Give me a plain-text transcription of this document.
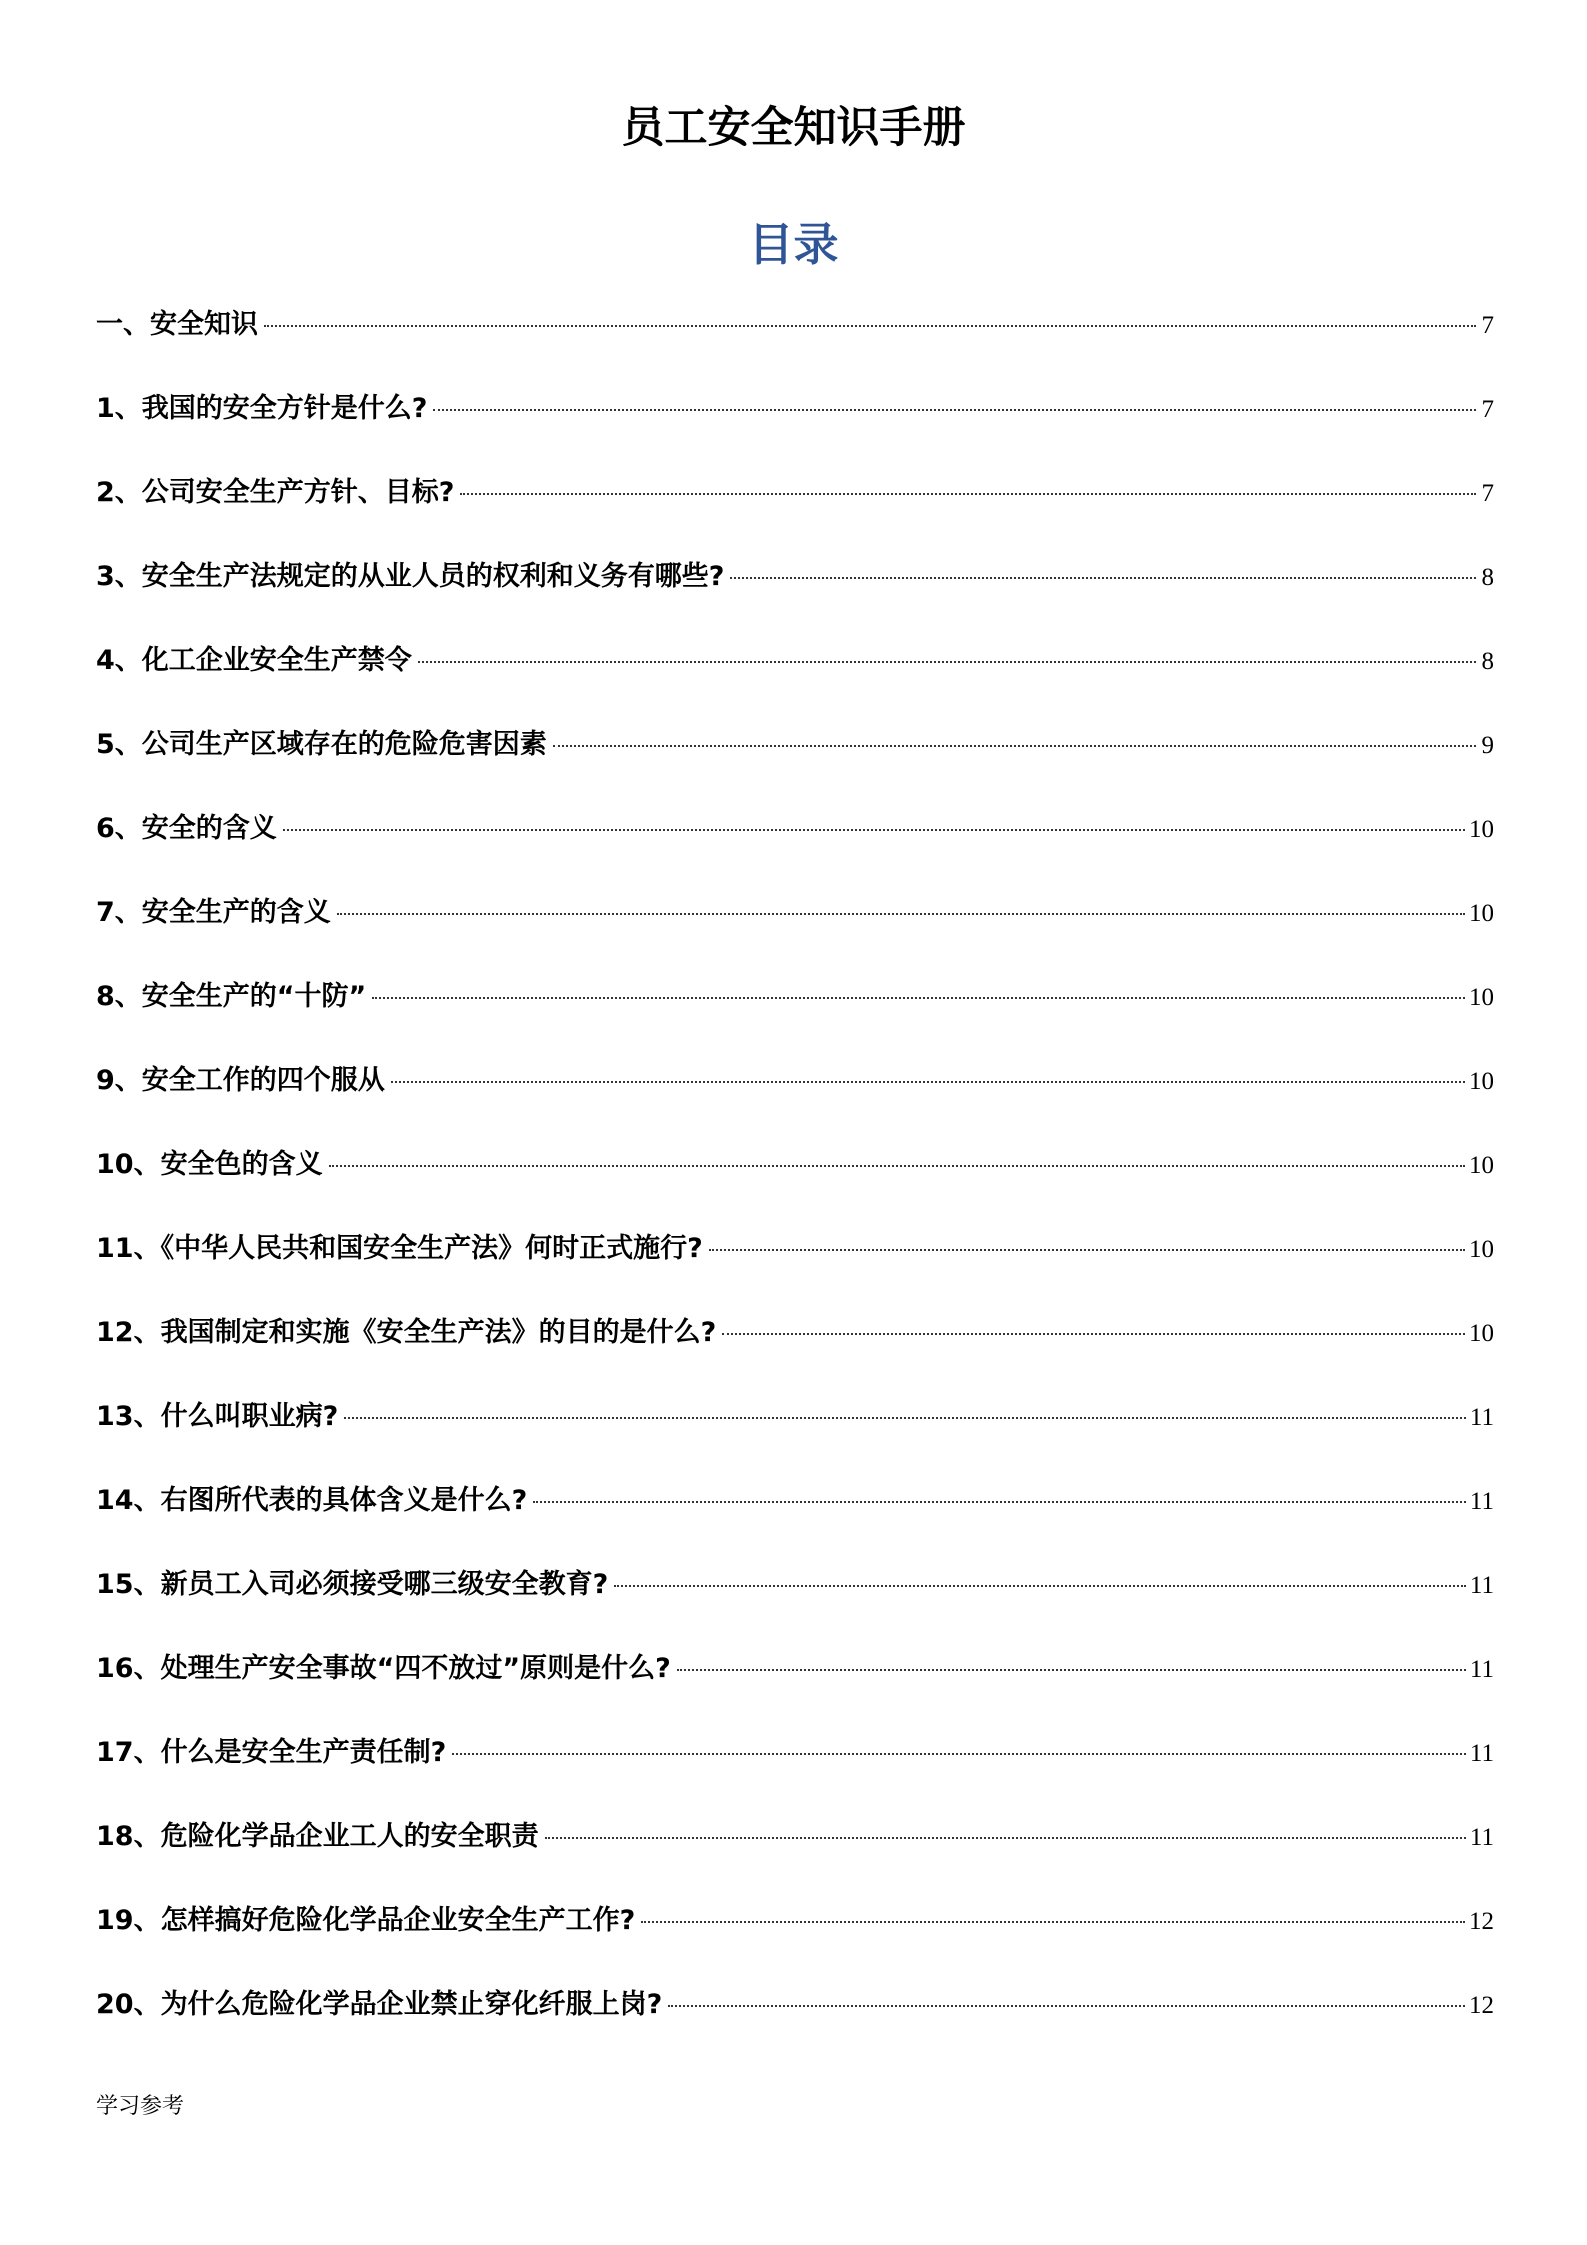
员工安全知识手册
目录
一、安全知识	7
1、我国的安全方针是什么?	7
2、公司安全生产方针、目标?	7
3、安全生产法规定的从业人员的权利和义务有哪些?	8
4、化工企业安全生产禁令	8
5、公司生产区域存在的危险危害因素	9
6、安全的含义	10
7、安全生产的含义	10
8、安全生产的“十防”	10
9、安全工作的四个服从	10
10、安全色的含义	10
11、《中华人民共和国安全生产法》何时正式施行?	10
12、我国制定和实施《安全生产法》的目的是什么?	10
13、什么叫职业病?	11
14、右图所代表的具体含义是什么?	11
15、新员工入司必须接受哪三级安全教育?	11
16、处理生产安全事故“四不放过”原则是什么?	11
17、什么是安全生产责任制?	11
18、危险化学品企业工人的安全职责	11
19、怎样搞好危险化学品企业安全生产工作?	12
20、为什么危险化学品企业禁止穿化纤服上岗?	12
学习参考
